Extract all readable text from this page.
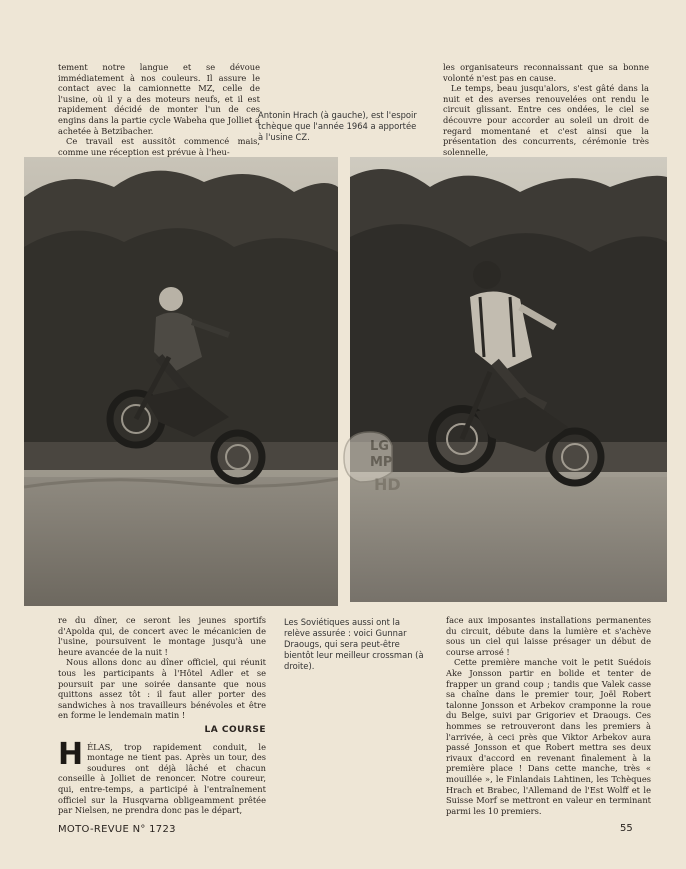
tement notre langue et se dévoue immédiatement à nos couleurs. Il assure le contact avec la camionnette MZ, celle de l'usine, où il y a des moteurs neufs, et il est rapidement décidé de monter l'un de ces engins dans la partie cycle Wabeha que Jolliet a achetée à Betzibacher.

Ce travail est aussitôt commencé mais, comme une réception est prévue à l'heu-

Antonin Hrach (à gauche), est l'espoir tchèque que l'année 1964 a apportée à l'usine CZ.

les organisateurs reconnaissant que sa bonne volonté n'est pas en cause.

Le temps, beau jusqu'alors, s'est gâté dans la nuit et des averses renouvelées ont rendu le circuit glissant. Entre ces ondées, le ciel se découvre pour accorder au soleil un droit de regard momentané et c'est ainsi que la présentation des concurrents, cérémonie très solennelle,

LG
MP
HD

re du dîner, ce seront les jeunes sportifs d'Apolda qui, de concert avec le mécanicien de l'usine, poursuivent le montage jusqu'à une heure avancée de la nuit !

Nous allons donc au dîner officiel, qui réunit tous les participants à l'Hôtel Adler et se poursuit par une soirée dansante que nous quittons assez tôt : il faut aller porter des sandwiches à nos travailleurs bénévoles et être en forme le lendemain matin !

LA COURSE

HÉLAS, trop rapidement conduit, le montage ne tient pas. Après un tour, des soudures ont déjà lâché et chacun conseille à Jolliet de renoncer. Notre coureur, qui, entre-temps, a participé à l'entraînement officiel sur la Husqvarna obligeamment prêtée par Nielsen, ne prendra donc pas le départ,

Les Soviétiques aussi ont la relève assurée : voici Gunnar Draougs, qui sera peut-être bientôt leur meilleur crossman (à droite).

face aux imposantes installations permanentes du circuit, débute dans la lumière et s'achève sous un ciel qui laisse présager un début de course arrosé !

Cette première manche voit le petit Suédois Ake Jonsson partir en bolide et tenter de frapper un grand coup ; tandis que Valek casse sa chaîne dans le premier tour, Joël Robert talonne Jonsson et Arbekov cramponne la roue du Belge, suivi par Grigoriev et Draougs. Ces hommes se retrouveront dans les premiers à l'arrivée, à ceci près que Viktor Arbekov aura passé Jonsson et que Robert mettra ses deux rivaux d'accord en revenant finalement à la première place ! Dans cette manche, très « mouillée », le Finlandais Lahtinen, les Tchèques Hrach et Brabec, l'Allemand de l'Est Wolff et le Suisse Morf se mettront en valeur en terminant parmi les 10 premiers.

MOTO-REVUE N° 1723	55
